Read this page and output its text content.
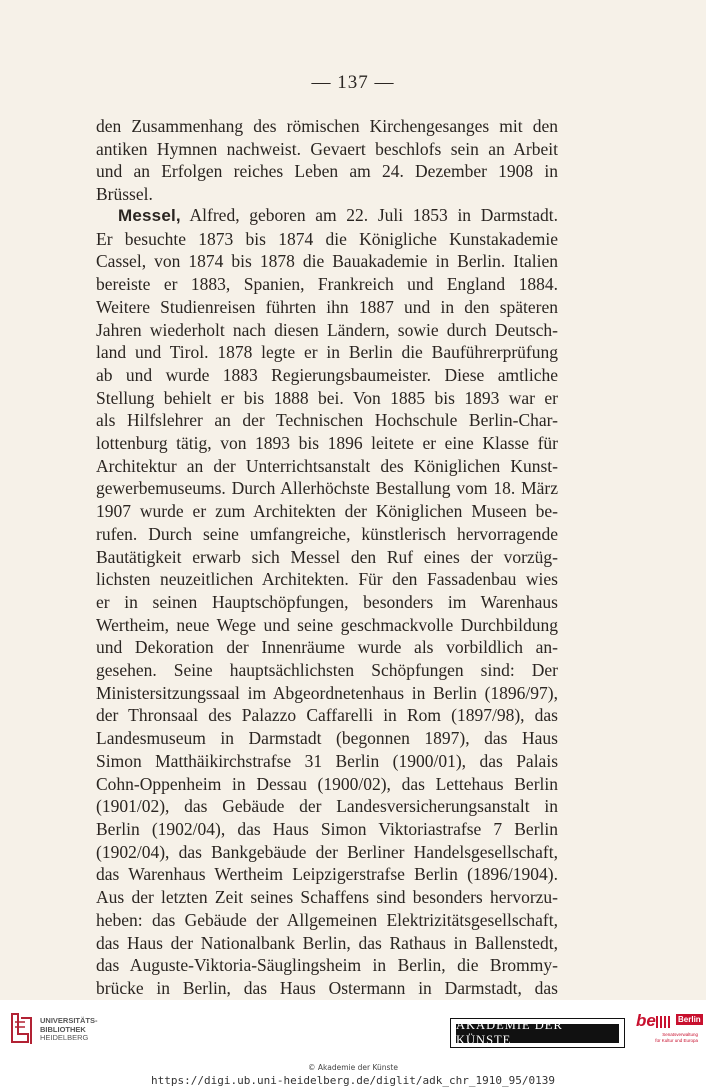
— 137 —
den Zusammenhang des römischen Kirchengesanges mit den
antiken Hymnen nachweist. Gevaert beschlofs sein an Arbeit
und an Erfolgen reiches Leben am 24. Dezember 1908 in
Brüssel.
Messel, Alfred, geboren am 22. Juli 1853 in Darmstadt.
Er besuchte 1873 bis 1874 die Königliche Kunstakademie
Cassel, von 1874 bis 1878 die Bauakademie in Berlin. Italien
bereiste er 1883, Spanien, Frankreich und England 1884.
Weitere Studienreisen führten ihn 1887 und in den späteren
Jahren wiederholt nach diesen Ländern, sowie durch Deutsch-
land und Tirol. 1878 legte er in Berlin die Bauführerprüfung
ab und wurde 1883 Regierungsbaumeister. Diese amtliche
Stellung behielt er bis 1888 bei. Von 1885 bis 1893 war er
als Hilfslehrer an der Technischen Hochschule Berlin-Char-
lottenburg tätig, von 1893 bis 1896 leitete er eine Klasse für
Architektur an der Unterrichtsanstalt des Königlichen Kunst-
gewerbemuseums. Durch Allerhöchste Bestallung vom 18. März
1907 wurde er zum Architekten der Königlichen Museen be-
rufen. Durch seine umfangreiche, künstlerisch hervorragende
Bautätigkeit erwarb sich Messel den Ruf eines der vorzüg-
lichsten neuzeitlichen Architekten. Für den Fassadenbau wies
er in seinen Hauptschöpfungen, besonders im Warenhaus
Wertheim, neue Wege und seine geschmackvolle Durchbildung
und Dekoration der Innenräume wurde als vorbildlich an-
gesehen. Seine hauptsächlichsten Schöpfungen sind: Der
Ministersitzungssaal im Abgeordnetenhaus in Berlin (1896/97),
der Thronsaal des Palazzo Caffarelli in Rom (1897/98), das
Landesmuseum in Darmstadt (begonnen 1897), das Haus
Simon Matthäikirchstrafse 31 Berlin (1900/01), das Palais
Cohn-Oppenheim in Dessau (1900/02), das Lettehaus Berlin
(1901/02), das Gebäude der Landesversicherungsanstalt in
Berlin (1902/04), das Haus Simon Viktoriastrafse 7 Berlin
(1902/04), das Bankgebäude der Berliner Handelsgesellschaft,
das Warenhaus Wertheim Leipzigerstrafse Berlin (1896/1904).
Aus der letzten Zeit seines Schaffens sind besonders hervorzu-
heben: das Gebäude der Allgemeinen Elektrizitätsgesellschaft,
das Haus der Nationalbank Berlin, das Rathaus in Ballenstedt,
das Auguste-Viktoria-Säuglingsheim in Berlin, die Brommy-
brücke in Berlin, das Haus Ostermann in Darmstadt, das
UNIVERSITÄTS-
BIBLIOTHEK
HEIDELBERG
AKADEMIE DER KÜNSTE
be	Berlin
Senatsverwaltung
für Kultur und Europa
© Akademie der Künste
https://digi.ub.uni-heidelberg.de/diglit/adk_chr_1910_95/0139
